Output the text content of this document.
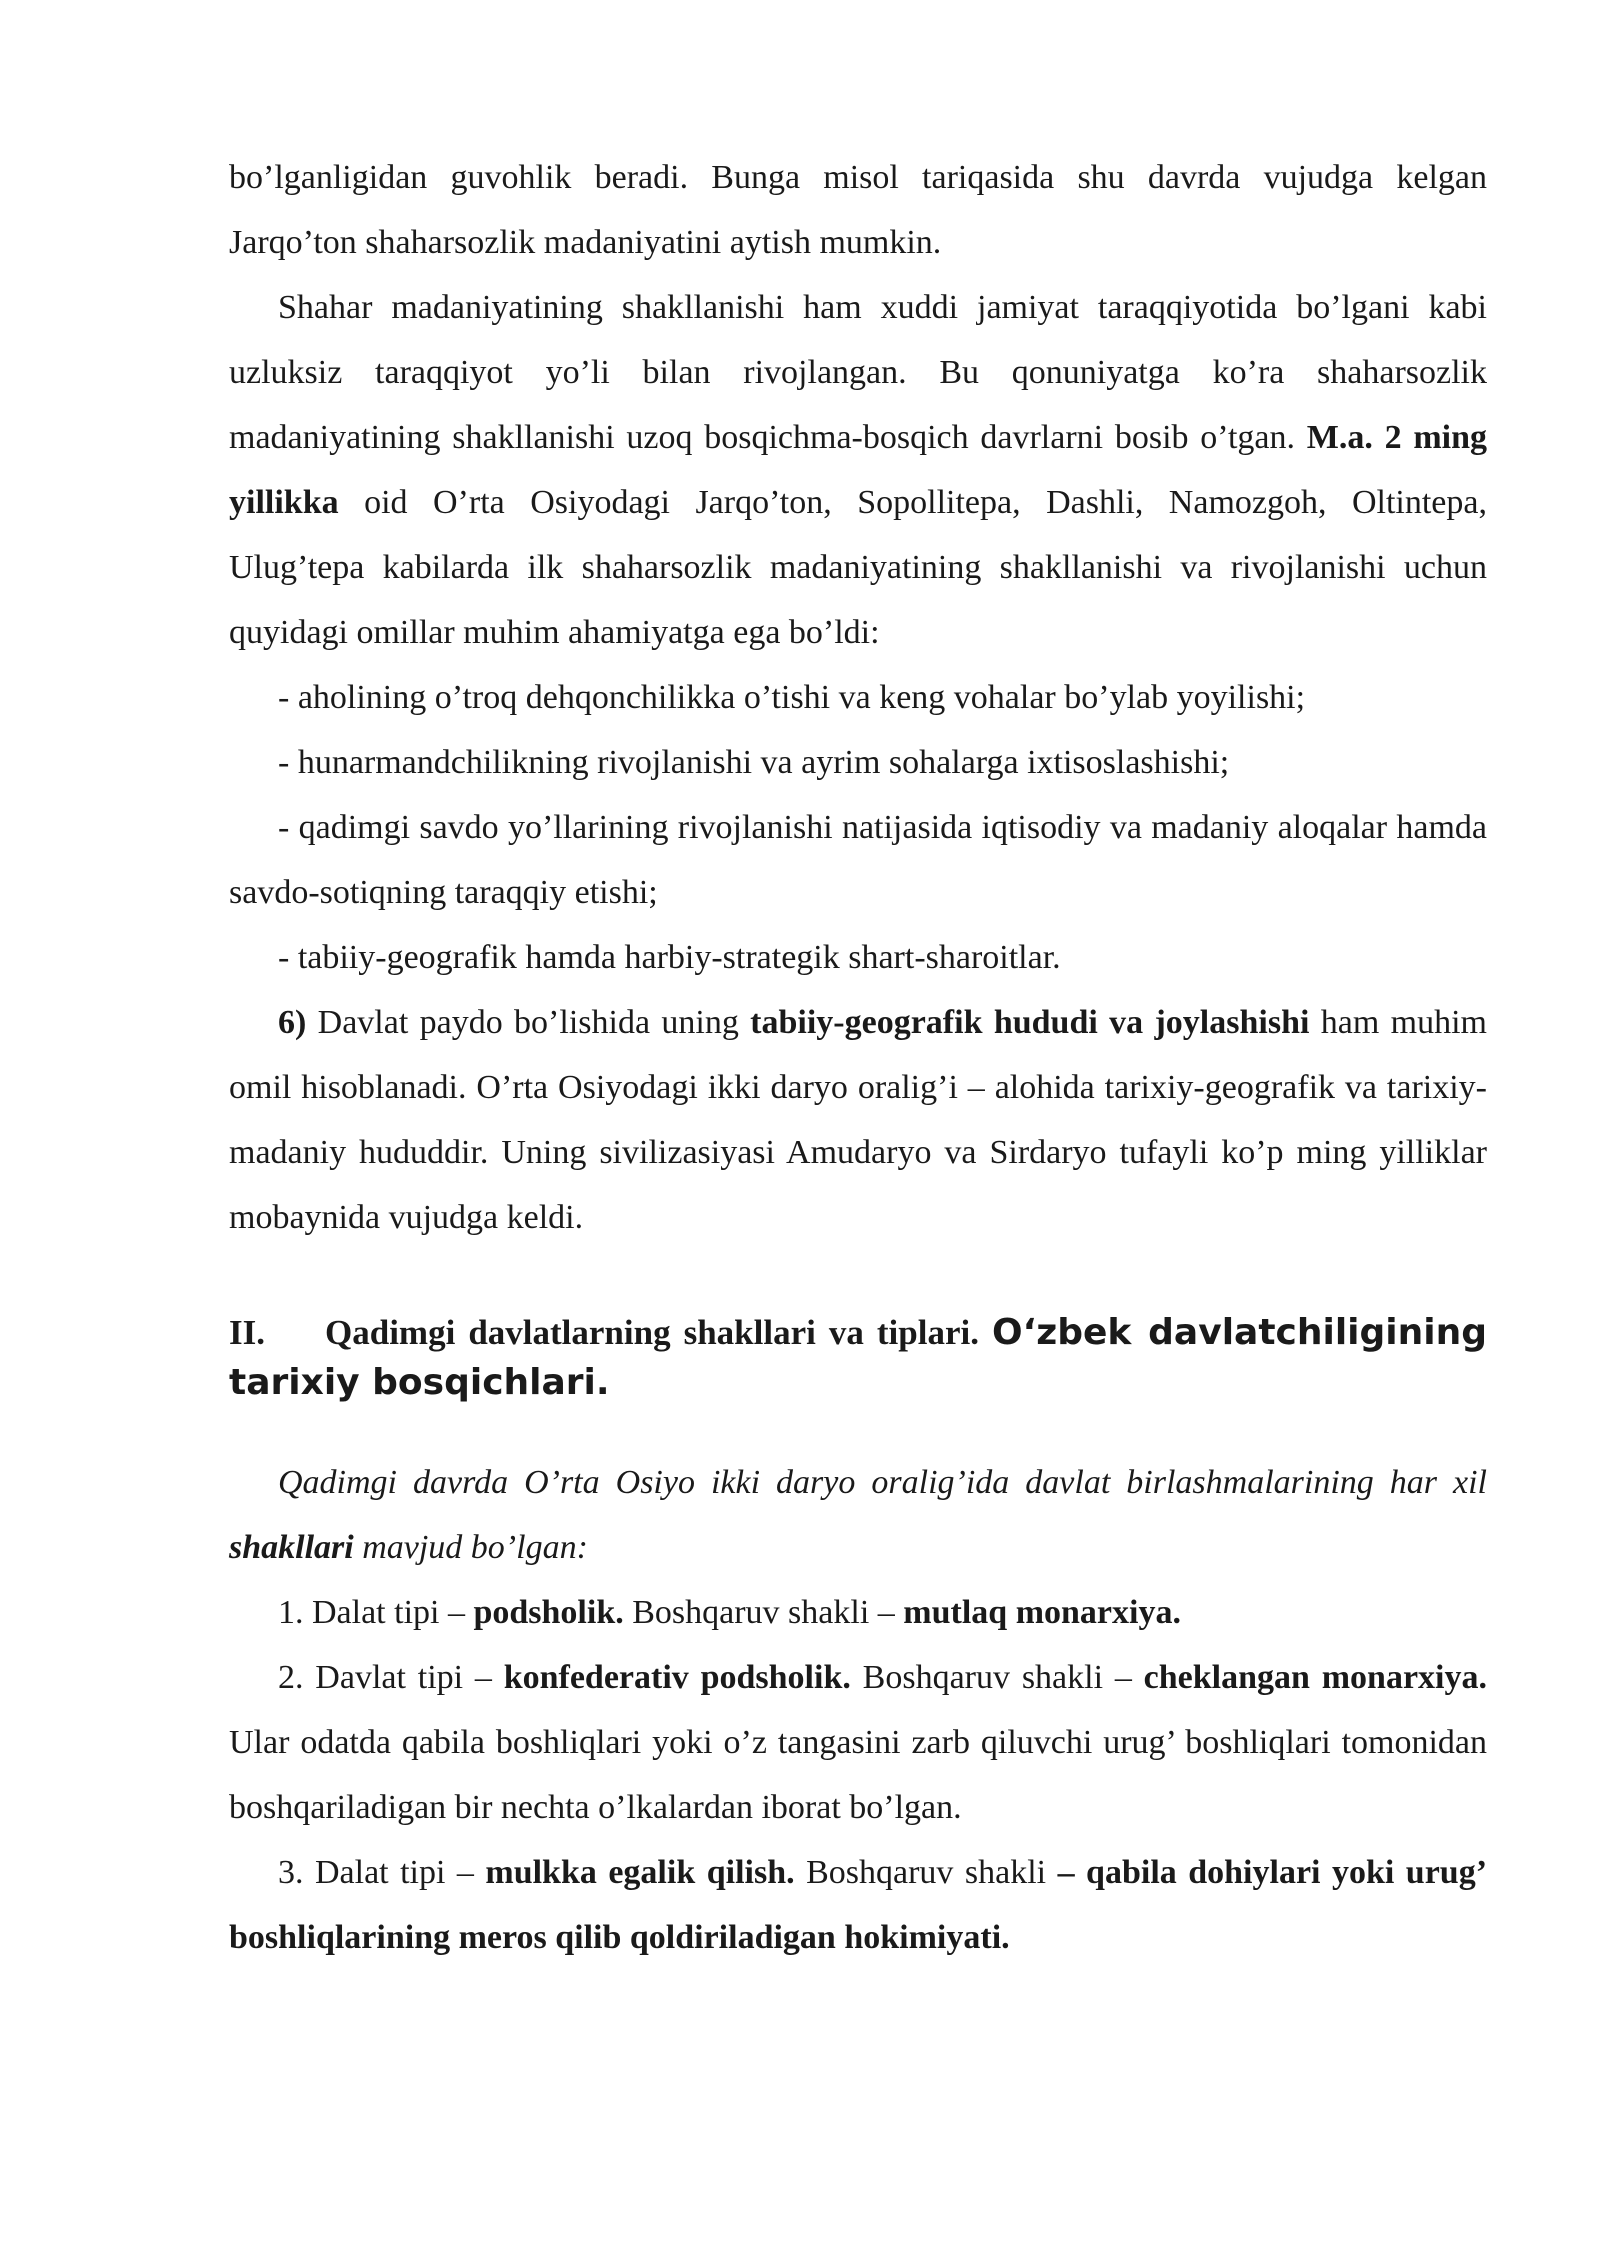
bo’lganligidan guvohlik beradi. Bunga misol tariqasida shu davrda vujudga kelgan Jarqo’ton shaharsozlik madaniyatini aytish mumkin.

Shahar madaniyatining shakllanishi ham xuddi jamiyat taraqqiyotida bo’lgani kabi uzluksiz taraqqiyot yo’li bilan rivojlangan. Bu qonuniyatga ko’ra shaharsozlik madaniyatining shakllanishi uzoq bosqichma-bosqich davrlarni bosib o’tgan. M.a. 2 ming yillikka oid O’rta Osiyodagi Jarqo’ton, Sopollitepa, Dashli, Namozgoh, Oltintepa, Ulug’tepa kabilarda ilk shaharsozlik madaniyatining shakllanishi va rivojlanishi uchun quyidagi omillar muhim ahamiyatga ega bo’ldi:

- aholining o’troq dehqonchilikka o’tishi va keng vohalar bo’ylab yoyilishi;

- hunarmandchilikning rivojlanishi va ayrim sohalarga ixtisoslashishi;

- qadimgi savdo yo’llarining rivojlanishi natijasida iqtisodiy va madaniy aloqalar hamda savdo-sotiqning taraqqiy etishi;

- tabiiy-geografik hamda harbiy-strategik shart-sharoitlar.

6) Davlat paydo bo’lishida uning tabiiy-geografik hududi va joylashishi ham muhim omil hisoblanadi. O’rta Osiyodagi ikki daryo oralig’i – alohida tarixiy-geografik va tarixiy-madaniy hududdir. Uning sivilizasiyasi Amudaryo va Sirdaryo tufayli ko’p ming yilliklar mobaynida vujudga keldi.

II. Qadimgi davlatlarning shakllari va tiplari. O‘zbek davlatchiligining tarixiy bosqichlari.

Qadimgi davrda O’rta Osiyo ikki daryo oralig’ida davlat birlashmalarining har xil shakllari mavjud bo’lgan:

1. Dalat tipi – podsholik. Boshqaruv shakli – mutlaq monarxiya.

2. Davlat tipi – konfederativ podsholik. Boshqaruv shakli – cheklangan monarxiya. Ular odatda qabila boshliqlari yoki o’z tangasini zarb qiluvchi urug’ boshliqlari tomonidan boshqariladigan bir nechta o’lkalardan iborat bo’lgan.

3. Dalat tipi – mulkka egalik qilish. Boshqaruv shakli – qabila dohiylari yoki urug’ boshliqlarining meros qilib qoldiriladigan hokimiyati.
